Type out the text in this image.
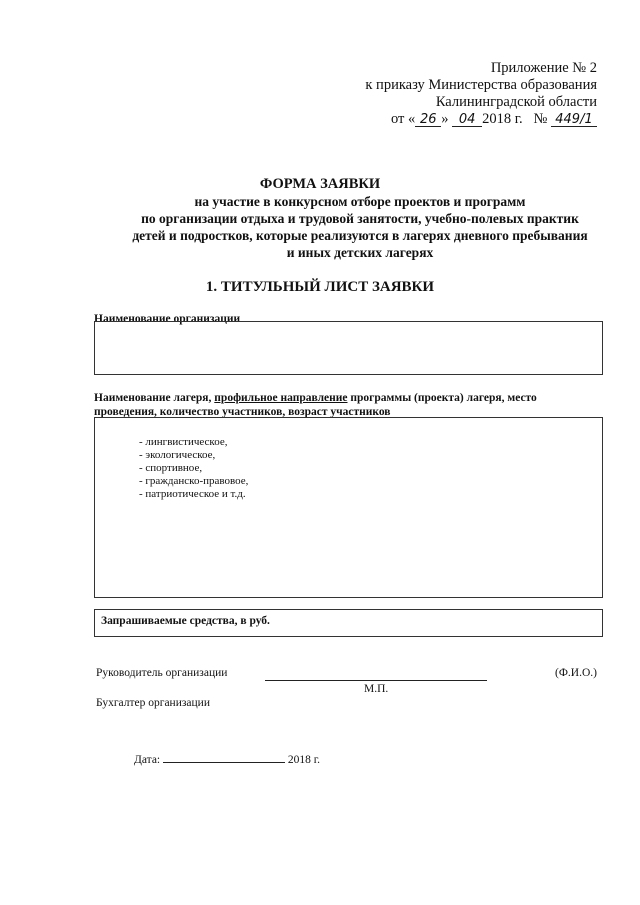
Приложение № 2
к приказу Министерства образования
Калининградской области
от « 26 » 04 2018 г. № 449/1
ФОРМА ЗАЯВКИ
на участие в конкурсном отборе проектов и программ
по организации отдыха и трудовой занятости, учебно-полевых практик
детей и подростков, которые реализуются в лагерях дневного пребывания
и иных детских лагерях
1. ТИТУЛЬНЫЙ ЛИСТ ЗАЯВКИ
Наименование организации
Наименование лагеря, профильное направление программы (проекта) лагеря, место
проведения, количество участников, возраст участников
- лингвистическое,
- экологическое,
- спортивное,
- гражданско-правовое,
- патриотическое и т.д.
Запрашиваемые средства, в руб.
Руководитель организации	(Ф.И.О.)
М.П.
Бухгалтер организации
Дата:	2018 г.
